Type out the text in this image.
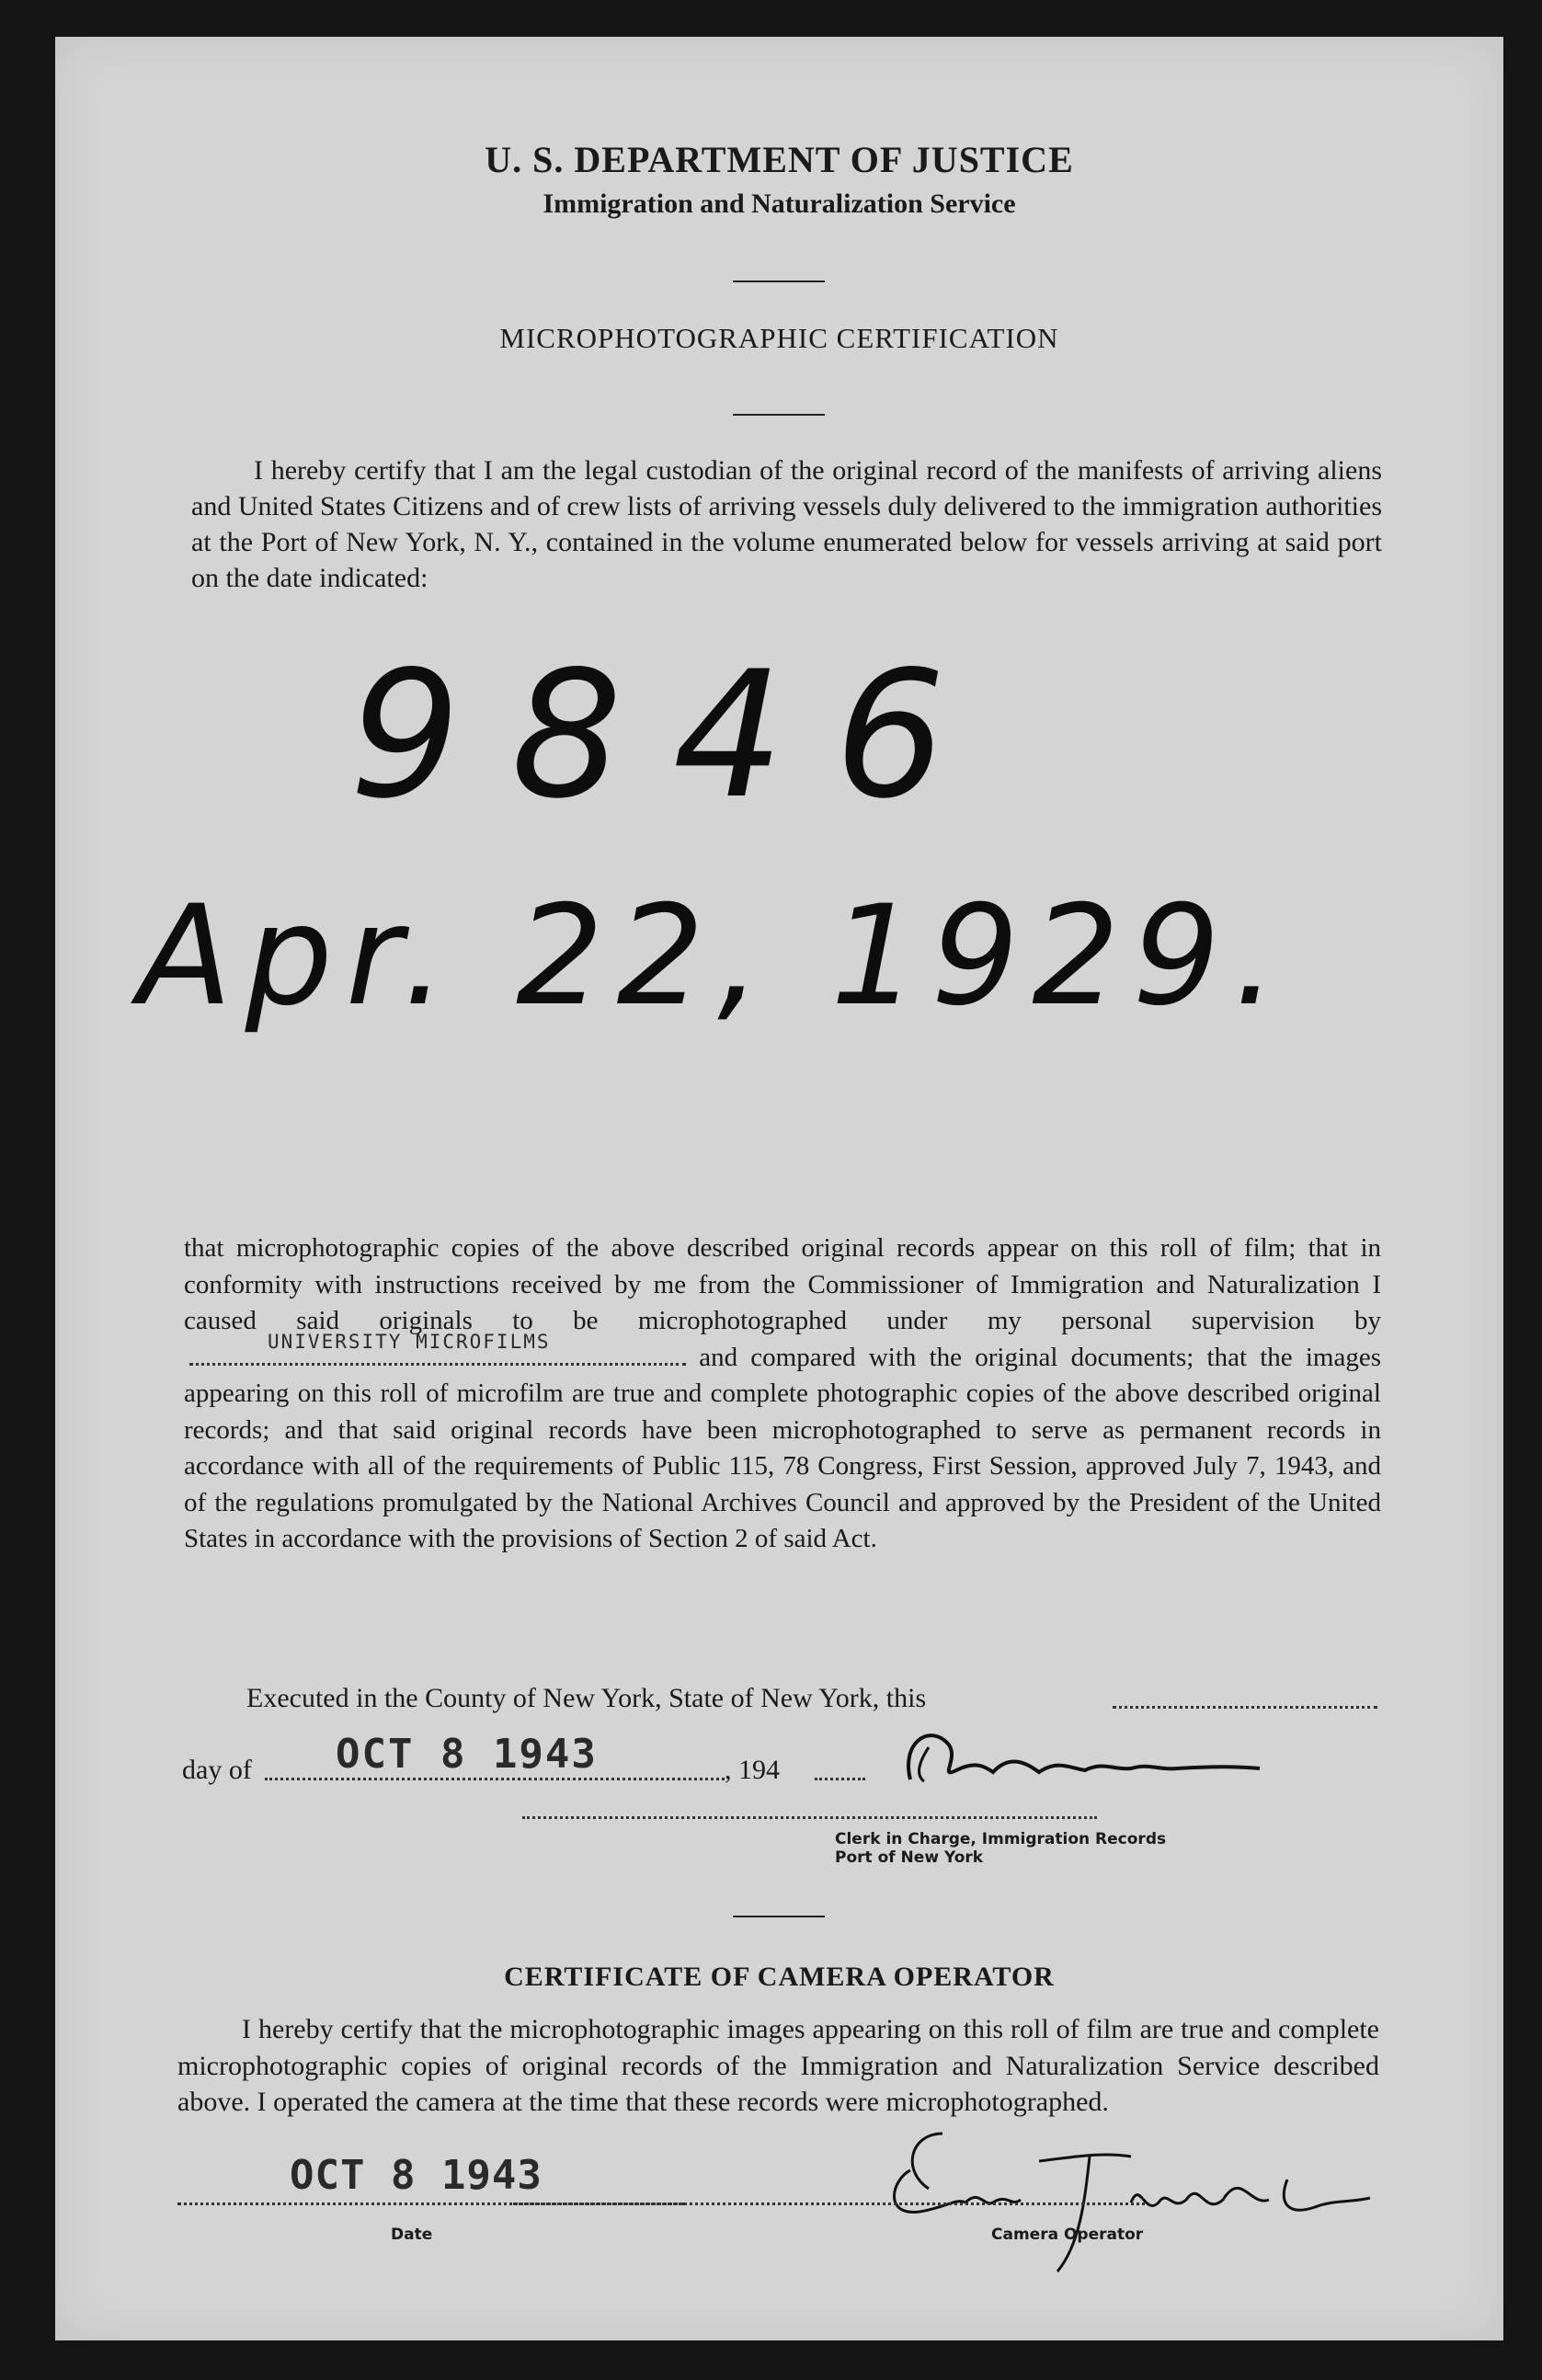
U. S. DEPARTMENT OF JUSTICE
Immigration and Naturalization Service
MICROPHOTOGRAPHIC CERTIFICATION
I hereby certify that I am the legal custodian of the original record of the manifests of arriving aliens and United States Citizens and of crew lists of arriving vessels duly delivered to the immigration authorities at the Port of New York, N. Y., contained in the volume enumerated below for vessels arriving at said port on the date indicated:
9846
Apr. 22, 1929.
that microphotographic copies of the above described original records appear on this roll of film; that in conformity with instructions received by me from the Commissioner of Immigration and Naturalization I caused said originals to be microphotographed under my personal supervision by
UNIVERSITY MICROFILMS
and compared with the original documents; that the images appearing on this roll of microfilm are true and complete photographic copies of the above described original records; and that said original records have been microphotographed to serve as permanent records in accordance with all of the requirements of Public 115, 78 Congress, First Session, approved July 7, 1943, and of the regulations promulgated by the National Archives Council and approved by the President of the United States in accordance with the provisions of Section 2 of said Act.
Executed in the County of New York, State of New York, this
day of OCT 8 1943	, 194
Clerk in Charge, Immigration Records
Port of New York
CERTIFICATE OF CAMERA OPERATOR
I hereby certify that the microphotographic images appearing on this roll of film are true and complete microphotographic copies of original records of the Immigration and Naturalization Service described above. I operated the camera at the time that these records were microphotographed.
OCT 8 1943
Date	Camera Operator
